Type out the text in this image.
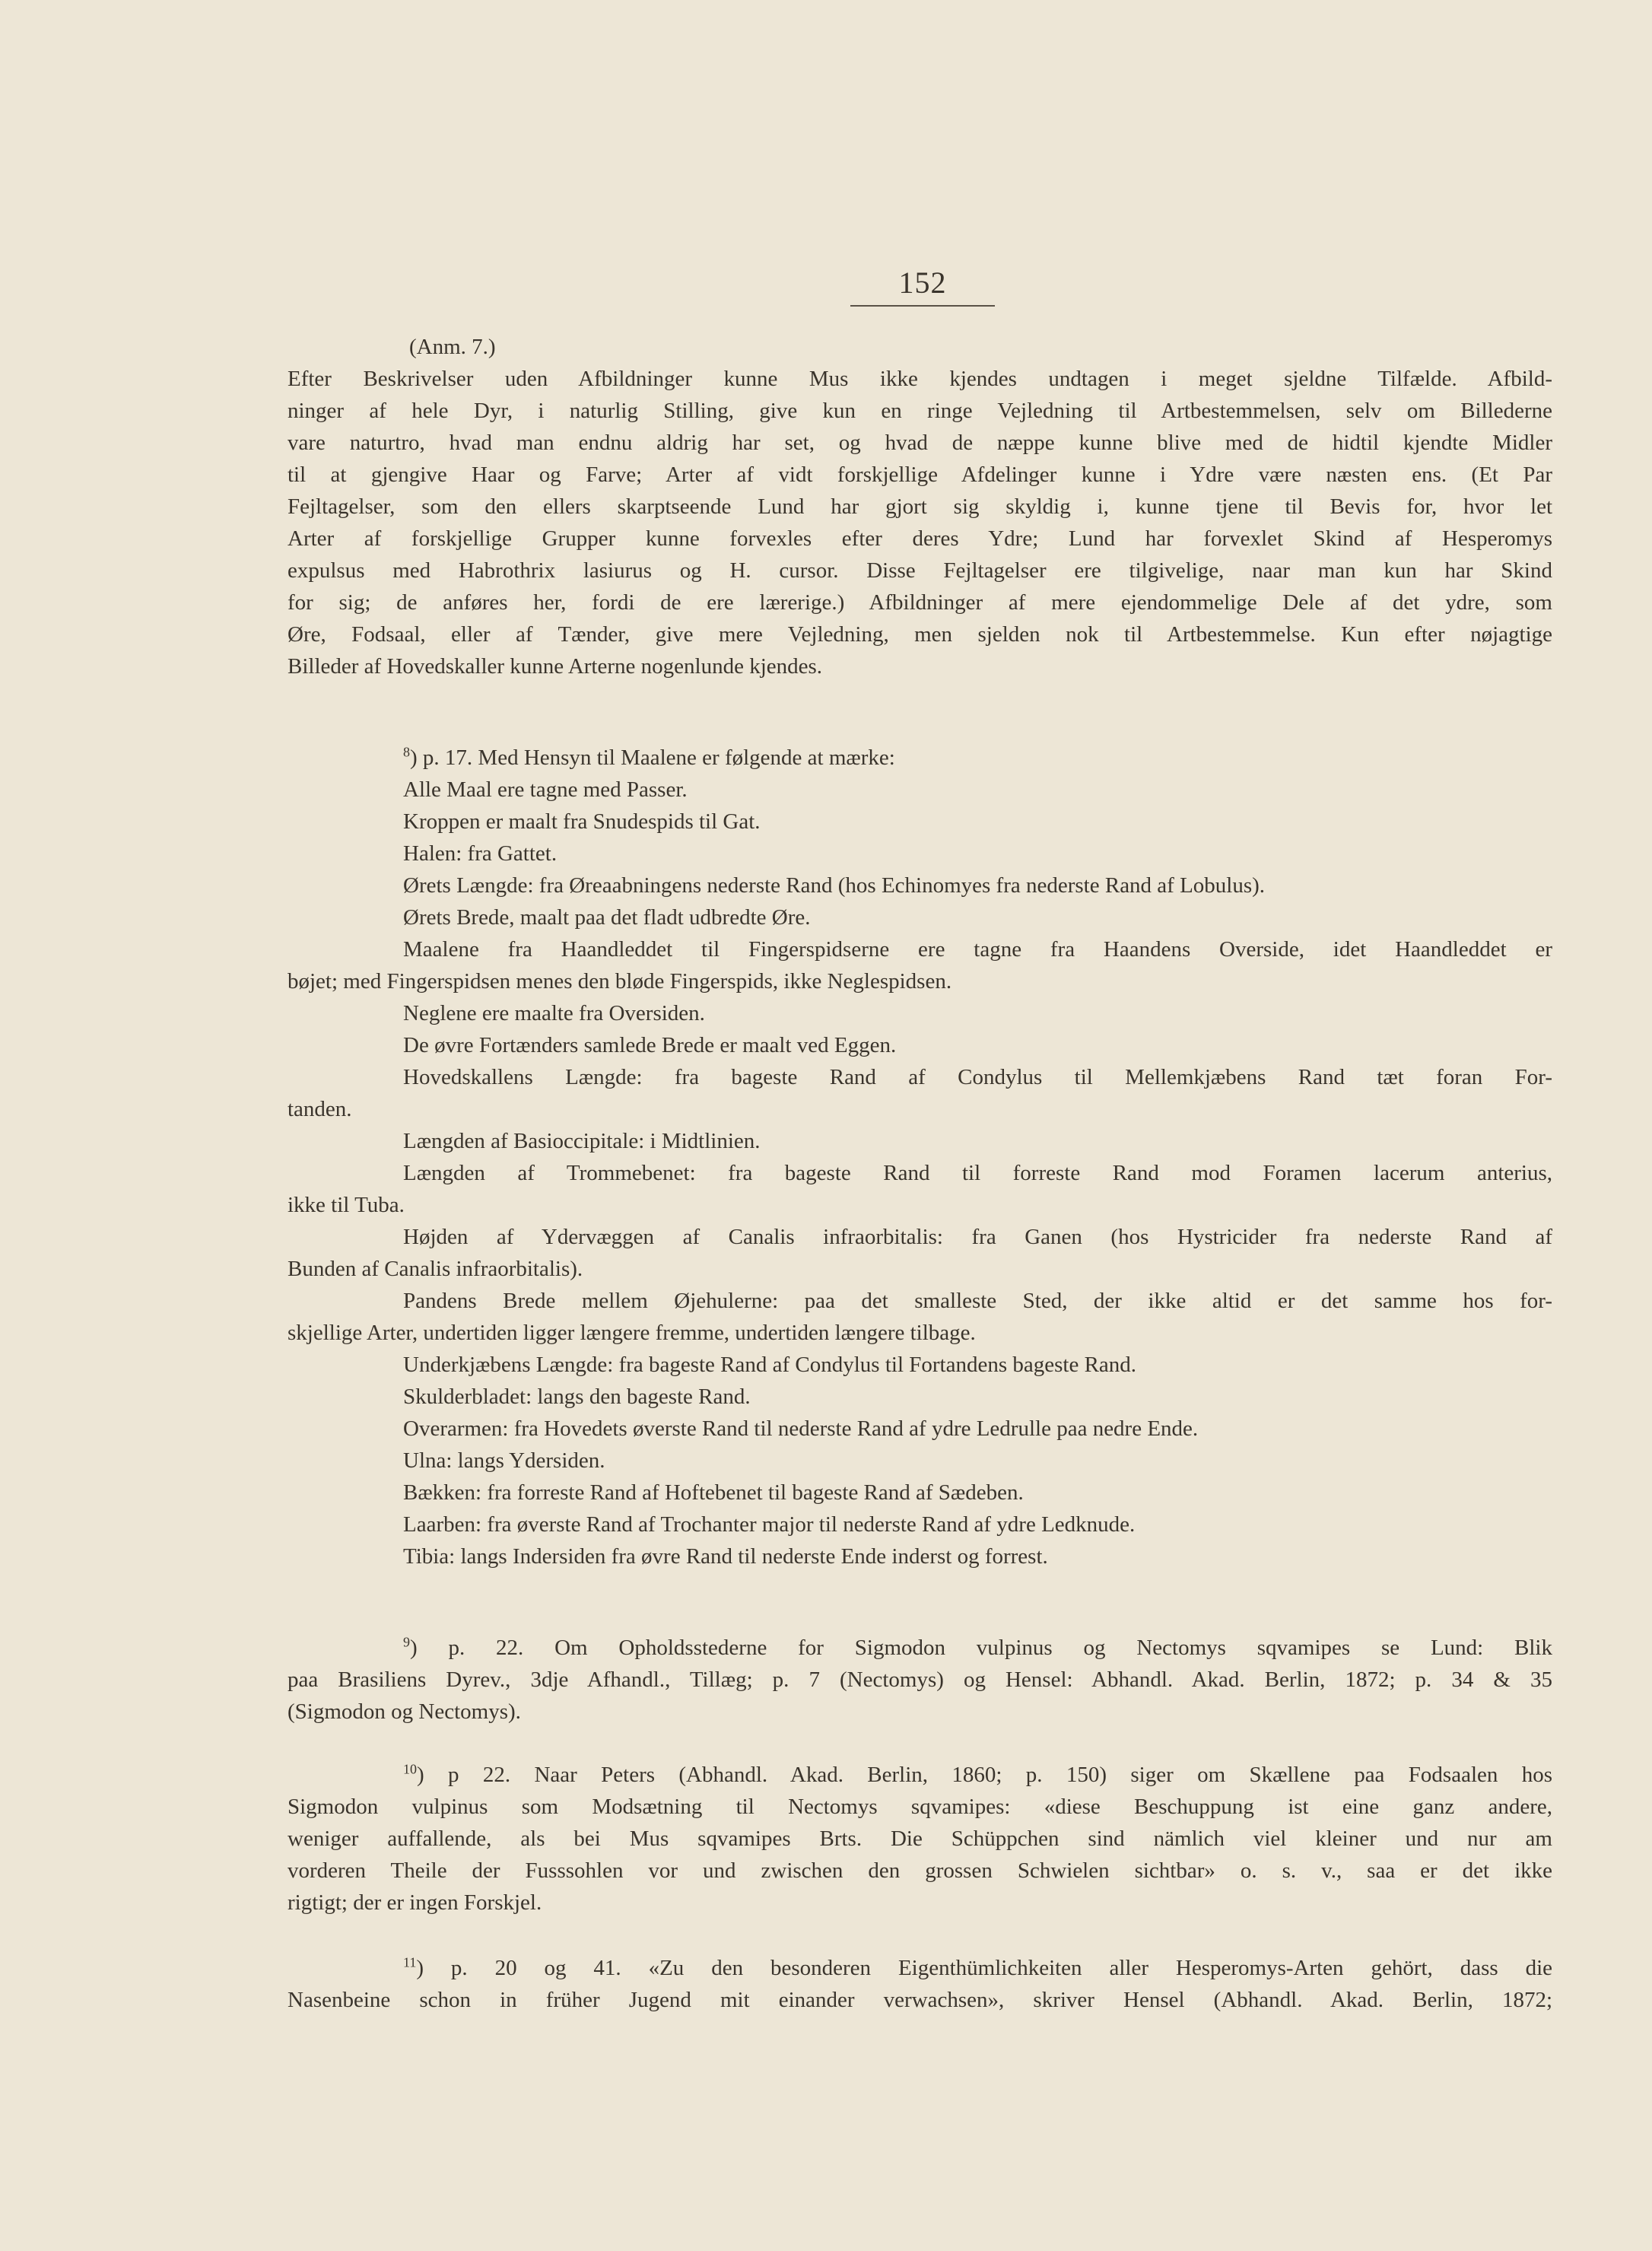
152
(Anm. 7.)
Efter Beskrivelser uden Afbildninger kunne Mus ikke kjendes undtagen i meget sjeldne Tilfælde. Afbild-
ninger af hele Dyr, i naturlig Stilling, give kun en ringe Vejledning til Artbestemmelsen, selv om Billederne
vare naturtro, hvad man endnu aldrig har set, og hvad de næppe kunne blive med de hidtil kjendte Midler
til at gjengive Haar og Farve; Arter af vidt forskjellige Afdelinger kunne i Ydre være næsten ens. (Et Par
Fejltagelser, som den ellers skarptseende Lund har gjort sig skyldig i, kunne tjene til Bevis for, hvor let
Arter af forskjellige Grupper kunne forvexles efter deres Ydre; Lund har forvexlet Skind af Hesperomys
expulsus med Habrothrix lasiurus og H. cursor. Disse Fejltagelser ere tilgivelige, naar man kun har Skind
for sig; de anføres her, fordi de ere lærerige.) Afbildninger af mere ejendommelige Dele af det ydre, som
Øre, Fodsaal, eller af Tænder, give mere Vejledning, men sjelden nok til Artbestemmelse. Kun efter nøjagtige
Billeder af Hovedskaller kunne Arterne nogenlunde kjendes.
$^8$) p. 17. Med Hensyn til Maalene er følgende at mærke:
Alle Maal ere tagne med Passer.
Kroppen er maalt fra Snudespids til Gat.
Halen: fra Gattet.
Ørets Længde: fra Øreaabningens nederste Rand (hos Echinomyes fra nederste Rand af Lobulus).
Ørets Brede, maalt paa det fladt udbredte Øre.
Maalene fra Haandleddet til Fingerspidserne ere tagne fra Haandens Overside, idet Haandleddet er
bøjet; med Fingerspidsen menes den bløde Fingerspids, ikke Neglespidsen.
Neglene ere maalte fra Oversiden.
De øvre Fortænders samlede Brede er maalt ved Eggen.
Hovedskallens Længde: fra bageste Rand af Condylus til Mellemkjæbens Rand tæt foran For-
tanden.
Længden af Basioccipitale: i Midtlinien.
Længden af Trommebenet: fra bageste Rand til forreste Rand mod Foramen lacerum anterius,
ikke til Tuba.
Højden af Ydervæggen af Canalis infraorbitalis: fra Ganen (hos Hystricider fra nederste Rand af
Bunden af Canalis infraorbitalis).
Pandens Brede mellem Øjehulerne: paa det smalleste Sted, der ikke altid er det samme hos for-
skjellige Arter, undertiden ligger længere fremme, undertiden længere tilbage.
Underkjæbens Længde: fra bageste Rand af Condylus til Fortandens bageste Rand.
Skulderbladet: langs den bageste Rand.
Overarmen: fra Hovedets øverste Rand til nederste Rand af ydre Ledrulle paa nedre Ende.
Ulna: langs Ydersiden.
Bækken: fra forreste Rand af Hoftebenet til bageste Rand af Sædeben.
Laarben: fra øverste Rand af Trochanter major til nederste Rand af ydre Ledknude.
Tibia: langs Indersiden fra øvre Rand til nederste Ende inderst og forrest.
$^9$) p. 22. Om Opholdsstederne for Sigmodon vulpinus og Nectomys sqvamipes se Lund: Blik
paa Brasiliens Dyrev., 3dje Afhandl., Tillæg; p. 7 (Nectomys) og Hensel: Abhandl. Akad. Berlin, 1872; p. 34 & 35
(Sigmodon og Nectomys).
$^{10}$) p 22. Naar Peters (Abhandl. Akad. Berlin, 1860; p. 150) siger om Skællene paa Fodsaalen hos
Sigmodon vulpinus som Modsætning til Nectomys sqvamipes: «diese Beschuppung ist eine ganz andere,
weniger auffallende, als bei Mus sqvamipes Brts. Die Schüppchen sind nämlich viel kleiner und nur am
vorderen Theile der Fusssohlen vor und zwischen den grossen Schwielen sichtbar» o. s. v., saa er det ikke
rigtigt; der er ingen Forskjel.
$^{11}$) p. 20 og 41. «Zu den besonderen Eigenthümlichkeiten aller Hesperomys-Arten gehört, dass die
Nasenbeine schon in früher Jugend mit einander verwachsen», skriver Hensel (Abhandl. Akad. Berlin, 1872;
